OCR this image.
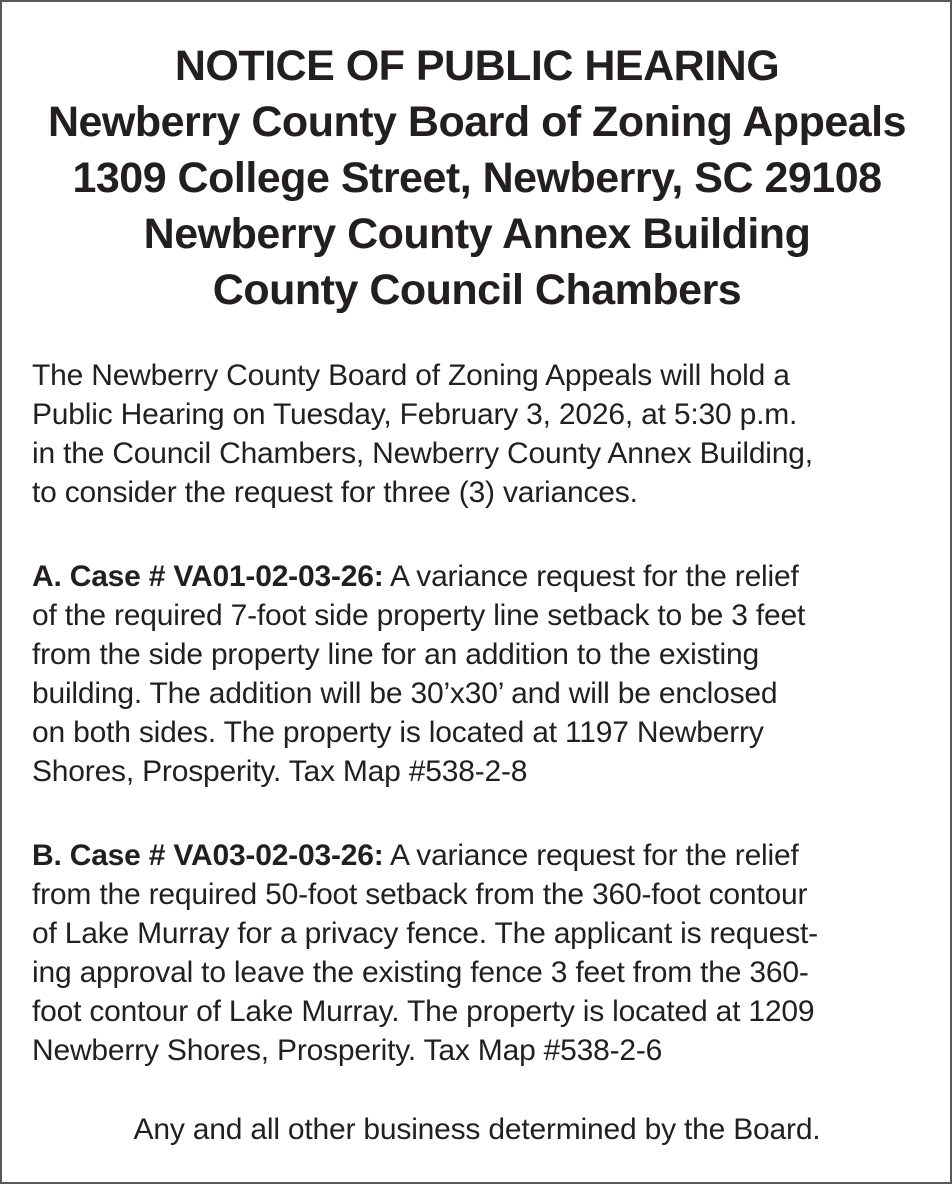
NOTICE OF PUBLIC HEARING
Newberry County Board of Zoning Appeals
1309 College Street, Newberry, SC 29108
Newberry County Annex Building
County Council Chambers

The Newberry County Board of Zoning Appeals will hold a
Public Hearing on Tuesday, February 3, 2026, at 5:30 p.m.
in the Council Chambers, Newberry County Annex Building,
to consider the request for three (3) variances.

A. Case # VA01-02-03-26: A variance request for the relief
of the required 7-foot side property line setback to be 3 feet
from the side property line for an addition to the existing
building. The addition will be 30’x30’ and will be enclosed
on both sides. The property is located at 1197 Newberry
Shores, Prosperity. Tax Map #538-2-8

B. Case # VA03-02-03-26: A variance request for the relief
from the required 50-foot setback from the 360-foot contour
of Lake Murray for a privacy fence. The applicant is request-
ing approval to leave the existing fence 3 feet from the 360-
foot contour of Lake Murray. The property is located at 1209
Newberry Shores, Prosperity. Tax Map #538-2-6

Any and all other business determined by the Board.
